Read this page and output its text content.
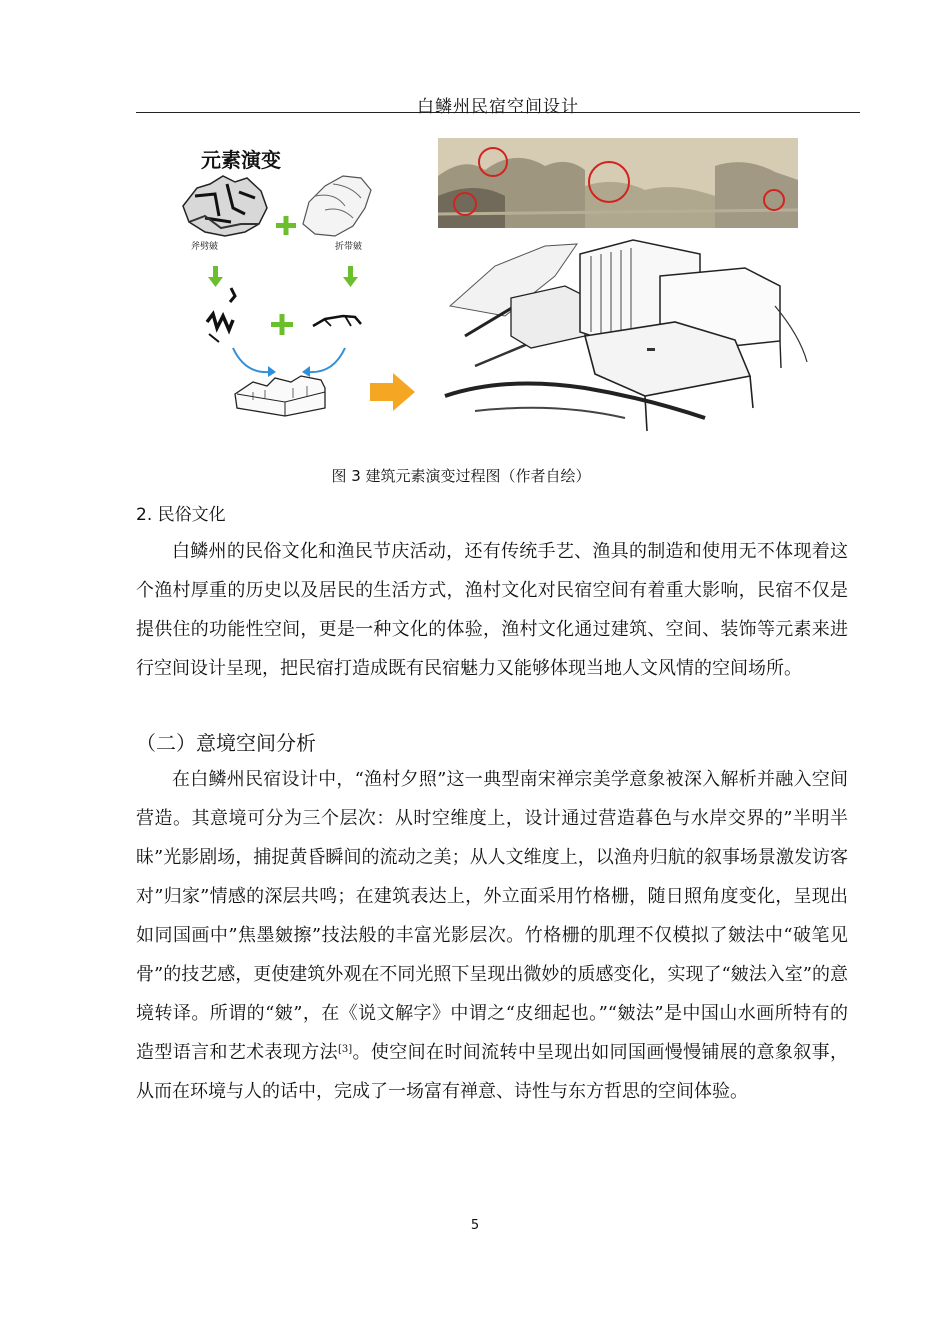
白鳞州民宿空间设计
元素演变
斧劈皴	折带皴
图 3 建筑元素演变过程图（作者自绘）
2. 民俗文化

白鳞州的民俗文化和渔民节庆活动，还有传统手艺、渔具的制造和使用无不体现着这个渔村厚重的历史以及居民的生活方式，渔村文化对民宿空间有着重大影响，民宿不仅是提供住的功能性空间，更是一种文化的体验，渔村文化通过建筑、空间、装饰等元素来进行空间设计呈现，把民宿打造成既有民宿魅力又能够体现当地人文风情的空间场所。

（二）意境空间分析

在白鳞州民宿设计中，“渔村夕照”这一典型南宋禅宗美学意象被深入解析并融入空间营造。其意境可分为三个层次：从时空维度上，设计通过营造暮色与水岸交界的”半明半昧”光影剧场，捕捉黄昏瞬间的流动之美；从人文维度上，以渔舟归航的叙事场景激发访客对”归家”情感的深层共鸣；在建筑表达上，外立面采用竹格栅，随日照角度变化，呈现出如同国画中”焦墨皴擦”技法般的丰富光影层次。竹格栅的肌理不仅模拟了皴法中“破笔见骨”的技艺感，更使建筑外观在不同光照下呈现出微妙的质感变化，实现了“皴法入室”的意境转译。所谓的“皴”，在《说文解字》中谓之“皮细起也。”“皴法”是中国山水画所特有的造型语言和艺术表现方法[3]。使空间在时间流转中呈现出如同国画慢慢铺展的意象叙事，从而在环境与人的话中，完成了一场富有禅意、诗性与东方哲思的空间体验。

5
